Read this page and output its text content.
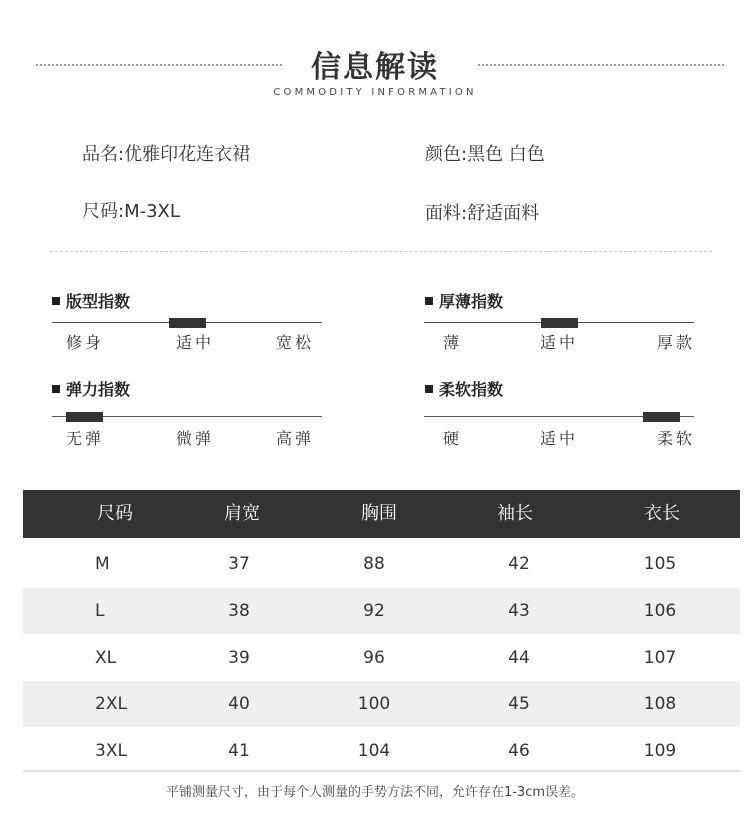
信息解读
COMMODITY INFORMATION
品名:优雅印花连衣裙	颜色:黑色 白色
尺码:M-3XL	面料:舒适面料
版型指数
修身	适中	宽松
厚薄指数
薄	适中	厚款
弹力指数
无弹	微弹	高弹
柔软指数
硬	适中	柔软
尺码	肩宽	胸围	袖长	衣长
M	37	88	42	105
L	38	92	43	106
XL	39	96	44	107
2XL	40	100	45	108
3XL	41	104	46	109
平铺测量尺寸，由于每个人测量的手势方法不同，允许存在1-3cm误差。
